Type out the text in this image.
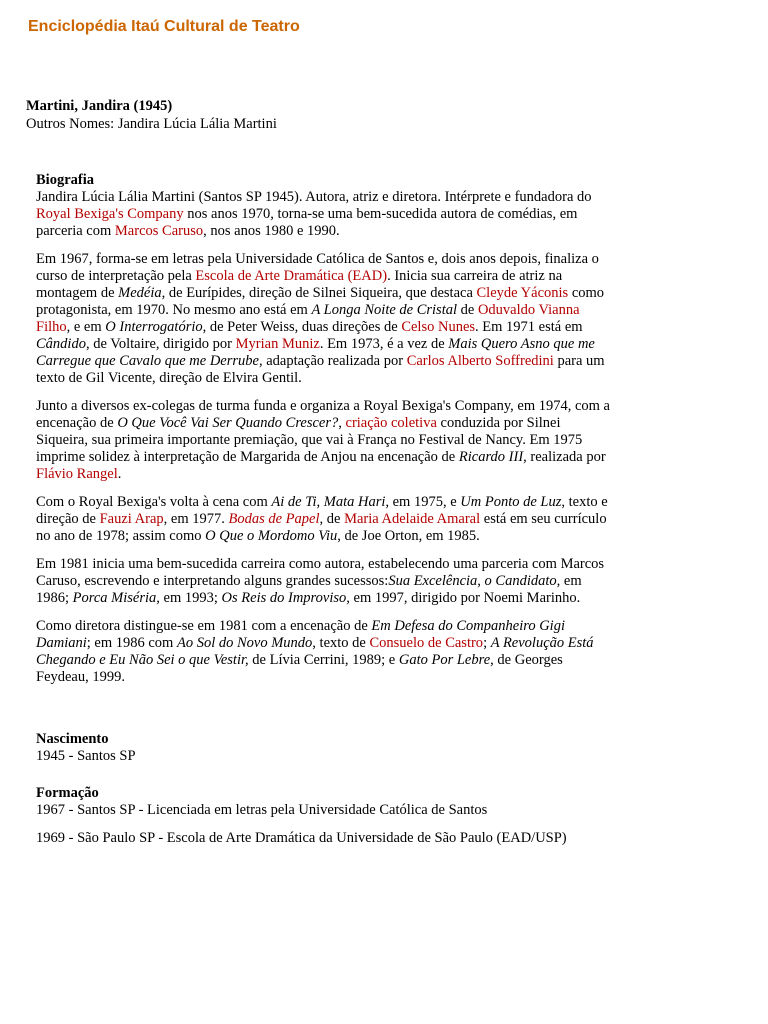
Enciclopédia Itaú Cultural de Teatro
Martini, Jandira (1945)
Outros Nomes: Jandira Lúcia Lália Martini
Biografia

Jandira Lúcia Lália Martini (Santos SP 1945). Autora, atriz e diretora. Intérprete e fundadora do Royal Bexiga's Company nos anos 1970, torna-se uma bem-sucedida autora de comédias, em parceria com Marcos Caruso, nos anos 1980 e 1990.

Em 1967, forma-se em letras pela Universidade Católica de Santos e, dois anos depois, finaliza o curso de interpretação pela Escola de Arte Dramática (EAD). Inicia sua carreira de atriz na montagem de Medéia, de Eurípides, direção de Silnei Siqueira, que destaca Cleyde Yáconis como protagonista, em 1970. No mesmo ano está em A Longa Noite de Cristal de Oduvaldo Vianna Filho, e em O Interrogatório, de Peter Weiss, duas direções de Celso Nunes. Em 1971 está em Cândido, de Voltaire, dirigido por Myrian Muniz. Em 1973, é a vez de Mais Quero Asno que me Carregue que Cavalo que me Derrube, adaptação realizada por Carlos Alberto Soffredini para um texto de Gil Vicente, direção de Elvira Gentil.

Junto a diversos ex-colegas de turma funda e organiza a Royal Bexiga's Company, em 1974, com a encenação de O Que Você Vai Ser Quando Crescer?, criação coletiva conduzida por Silnei Siqueira, sua primeira importante premiação, que vai à França no Festival de Nancy. Em 1975 imprime solidez à interpretação de Margarida de Anjou na encenação de Ricardo III, realizada por Flávio Rangel.

Com o Royal Bexiga's volta à cena com Ai de Ti, Mata Hari, em 1975, e Um Ponto de Luz, texto e direção de Fauzi Arap, em 1977. Bodas de Papel, de Maria Adelaide Amaral está em seu currículo no ano de 1978; assim como O Que o Mordomo Viu, de Joe Orton, em 1985.

Em 1981 inicia uma bem-sucedida carreira como autora, estabelecendo uma parceria com Marcos Caruso, escrevendo e interpretando alguns grandes sucessos:Sua Excelência, o Candidato, em 1986; Porca Miséria, em 1993; Os Reis do Improviso, em 1997, dirigido por Noemi Marinho.

Como diretora distingue-se em 1981 com a encenação de Em Defesa do Companheiro Gigi Damiani; em 1986 com Ao Sol do Novo Mundo, texto de Consuelo de Castro; A Revolução Está Chegando e Eu Não Sei o que Vestir, de Lívia Cerrini, 1989; e Gato Por Lebre, de Georges Feydeau, 1999.

Nascimento
1945 - Santos SP
Formação

1967 - Santos SP - Licenciada em letras pela Universidade Católica de Santos

1969 - São Paulo SP - Escola de Arte Dramática da Universidade de São Paulo (EAD/USP)
